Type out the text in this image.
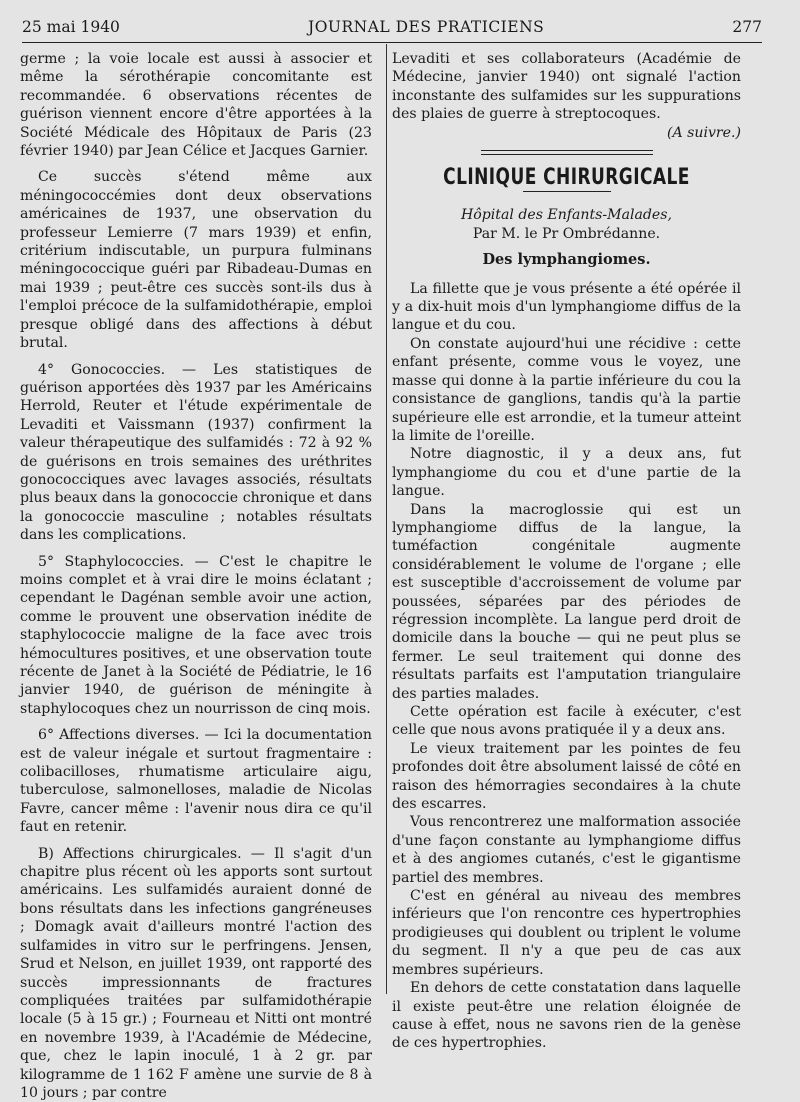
25 mai 1940	JOURNAL DES PRATICIENS	277

germe ; la voie locale est aussi à associer et même la sérothérapie concomitante est recommandée. 6 observations récentes de guérison viennent encore d'être apportées à la Société Médicale des Hôpitaux de Paris (23 février 1940) par Jean Célice et Jacques Garnier.

Ce succès s'étend même aux méningococcémies dont deux observations américaines de 1937, une observation du professeur Lemierre (7 mars 1939) et enfin, critérium indiscutable, un purpura fulminans méningococcique guéri par Ribadeau-Dumas en mai 1939 ; peut-être ces succès sont-ils dus à l'emploi précoce de la sulfamidothérapie, emploi presque obligé dans des affections à début brutal.

4° Gonococcies. — Les statistiques de guérison apportées dès 1937 par les Américains Herrold, Reuter et l'étude expérimentale de Levaditi et Vaissmann (1937) confirment la valeur thérapeutique des sulfamidés : 72 à 92 % de guérisons en trois semaines des uréthrites gonococciques avec lavages associés, résultats plus beaux dans la gonococcie chronique et dans la gonococcie masculine ; notables résultats dans les complications.

5° Staphylococcies. — C'est le chapitre le moins complet et à vrai dire le moins éclatant ; cependant le Dagénan semble avoir une action, comme le prouvent une observation inédite de staphylococcie maligne de la face avec trois hémocultures positives, et une observation toute récente de Janet à la Société de Pédiatrie, le 16 janvier 1940, de guérison de méningite à staphylocoques chez un nourrisson de cinq mois.

6° Affections diverses. — Ici la documentation est de valeur inégale et surtout fragmentaire : colibacilloses, rhumatisme articulaire aigu, tuberculose, salmonelloses, maladie de Nicolas Favre, cancer même : l'avenir nous dira ce qu'il faut en retenir.

B) Affections chirurgicales. — Il s'agit d'un chapitre plus récent où les apports sont surtout américains. Les sulfamidés auraient donné de bons résultats dans les infections gangréneuses ; Domagk avait d'ailleurs montré l'action des sulfamides in vitro sur le perfringens. Jensen, Srud et Nelson, en juillet 1939, ont rapporté des succès impressionnants de fractures compliquées traitées par sulfamidothérapie locale (5 à 15 gr.) ; Fourneau et Nitti ont montré en novembre 1939, à l'Académie de Médecine, que, chez le lapin inoculé, 1 à 2 gr. par kilogramme de 1 162 F amène une survie de 8 à 10 jours ; par contre

Levaditi et ses collaborateurs (Académie de Médecine, janvier 1940) ont signalé l'action inconstante des sulfamides sur les suppurations des plaies de guerre à streptocoques.

(A suivre.)

CLINIQUE CHIRURGICALE

Hôpital des Enfants-Malades,

Par M. le Pr Ombrédanne.

Des lymphangiomes.

La fillette que je vous présente a été opérée il y a dix-huit mois d'un lymphangiome diffus de la langue et du cou.

On constate aujourd'hui une récidive : cette enfant présente, comme vous le voyez, une masse qui donne à la partie inférieure du cou la consistance de ganglions, tandis qu'à la partie supérieure elle est arrondie, et la tumeur atteint la limite de l'oreille.

Notre diagnostic, il y a deux ans, fut lymphangiome du cou et d'une partie de la langue.

Dans la macroglossie qui est un lymphangiome diffus de la langue, la tuméfaction congénitale augmente considérablement le volume de l'organe ; elle est susceptible d'accroissement de volume par poussées, séparées par des périodes de régression incomplète. La langue perd droit de domicile dans la bouche — qui ne peut plus se fermer. Le seul traitement qui donne des résultats parfaits est l'amputation triangulaire des parties malades.

Cette opération est facile à exécuter, c'est celle que nous avons pratiquée il y a deux ans.

Le vieux traitement par les pointes de feu profondes doit être absolument laissé de côté en raison des hémorragies secondaires à la chute des escarres.

Vous rencontrerez une malformation associée d'une façon constante au lymphangiome diffus et à des angiomes cutanés, c'est le gigantisme partiel des membres.

C'est en général au niveau des membres inférieurs que l'on rencontre ces hypertrophies prodigieuses qui doublent ou triplent le volume du segment. Il n'y a que peu de cas aux membres supérieurs.

En dehors de cette constatation dans laquelle il existe peut-être une relation éloignée de cause à effet, nous ne savons rien de la genèse de ces hypertrophies.
